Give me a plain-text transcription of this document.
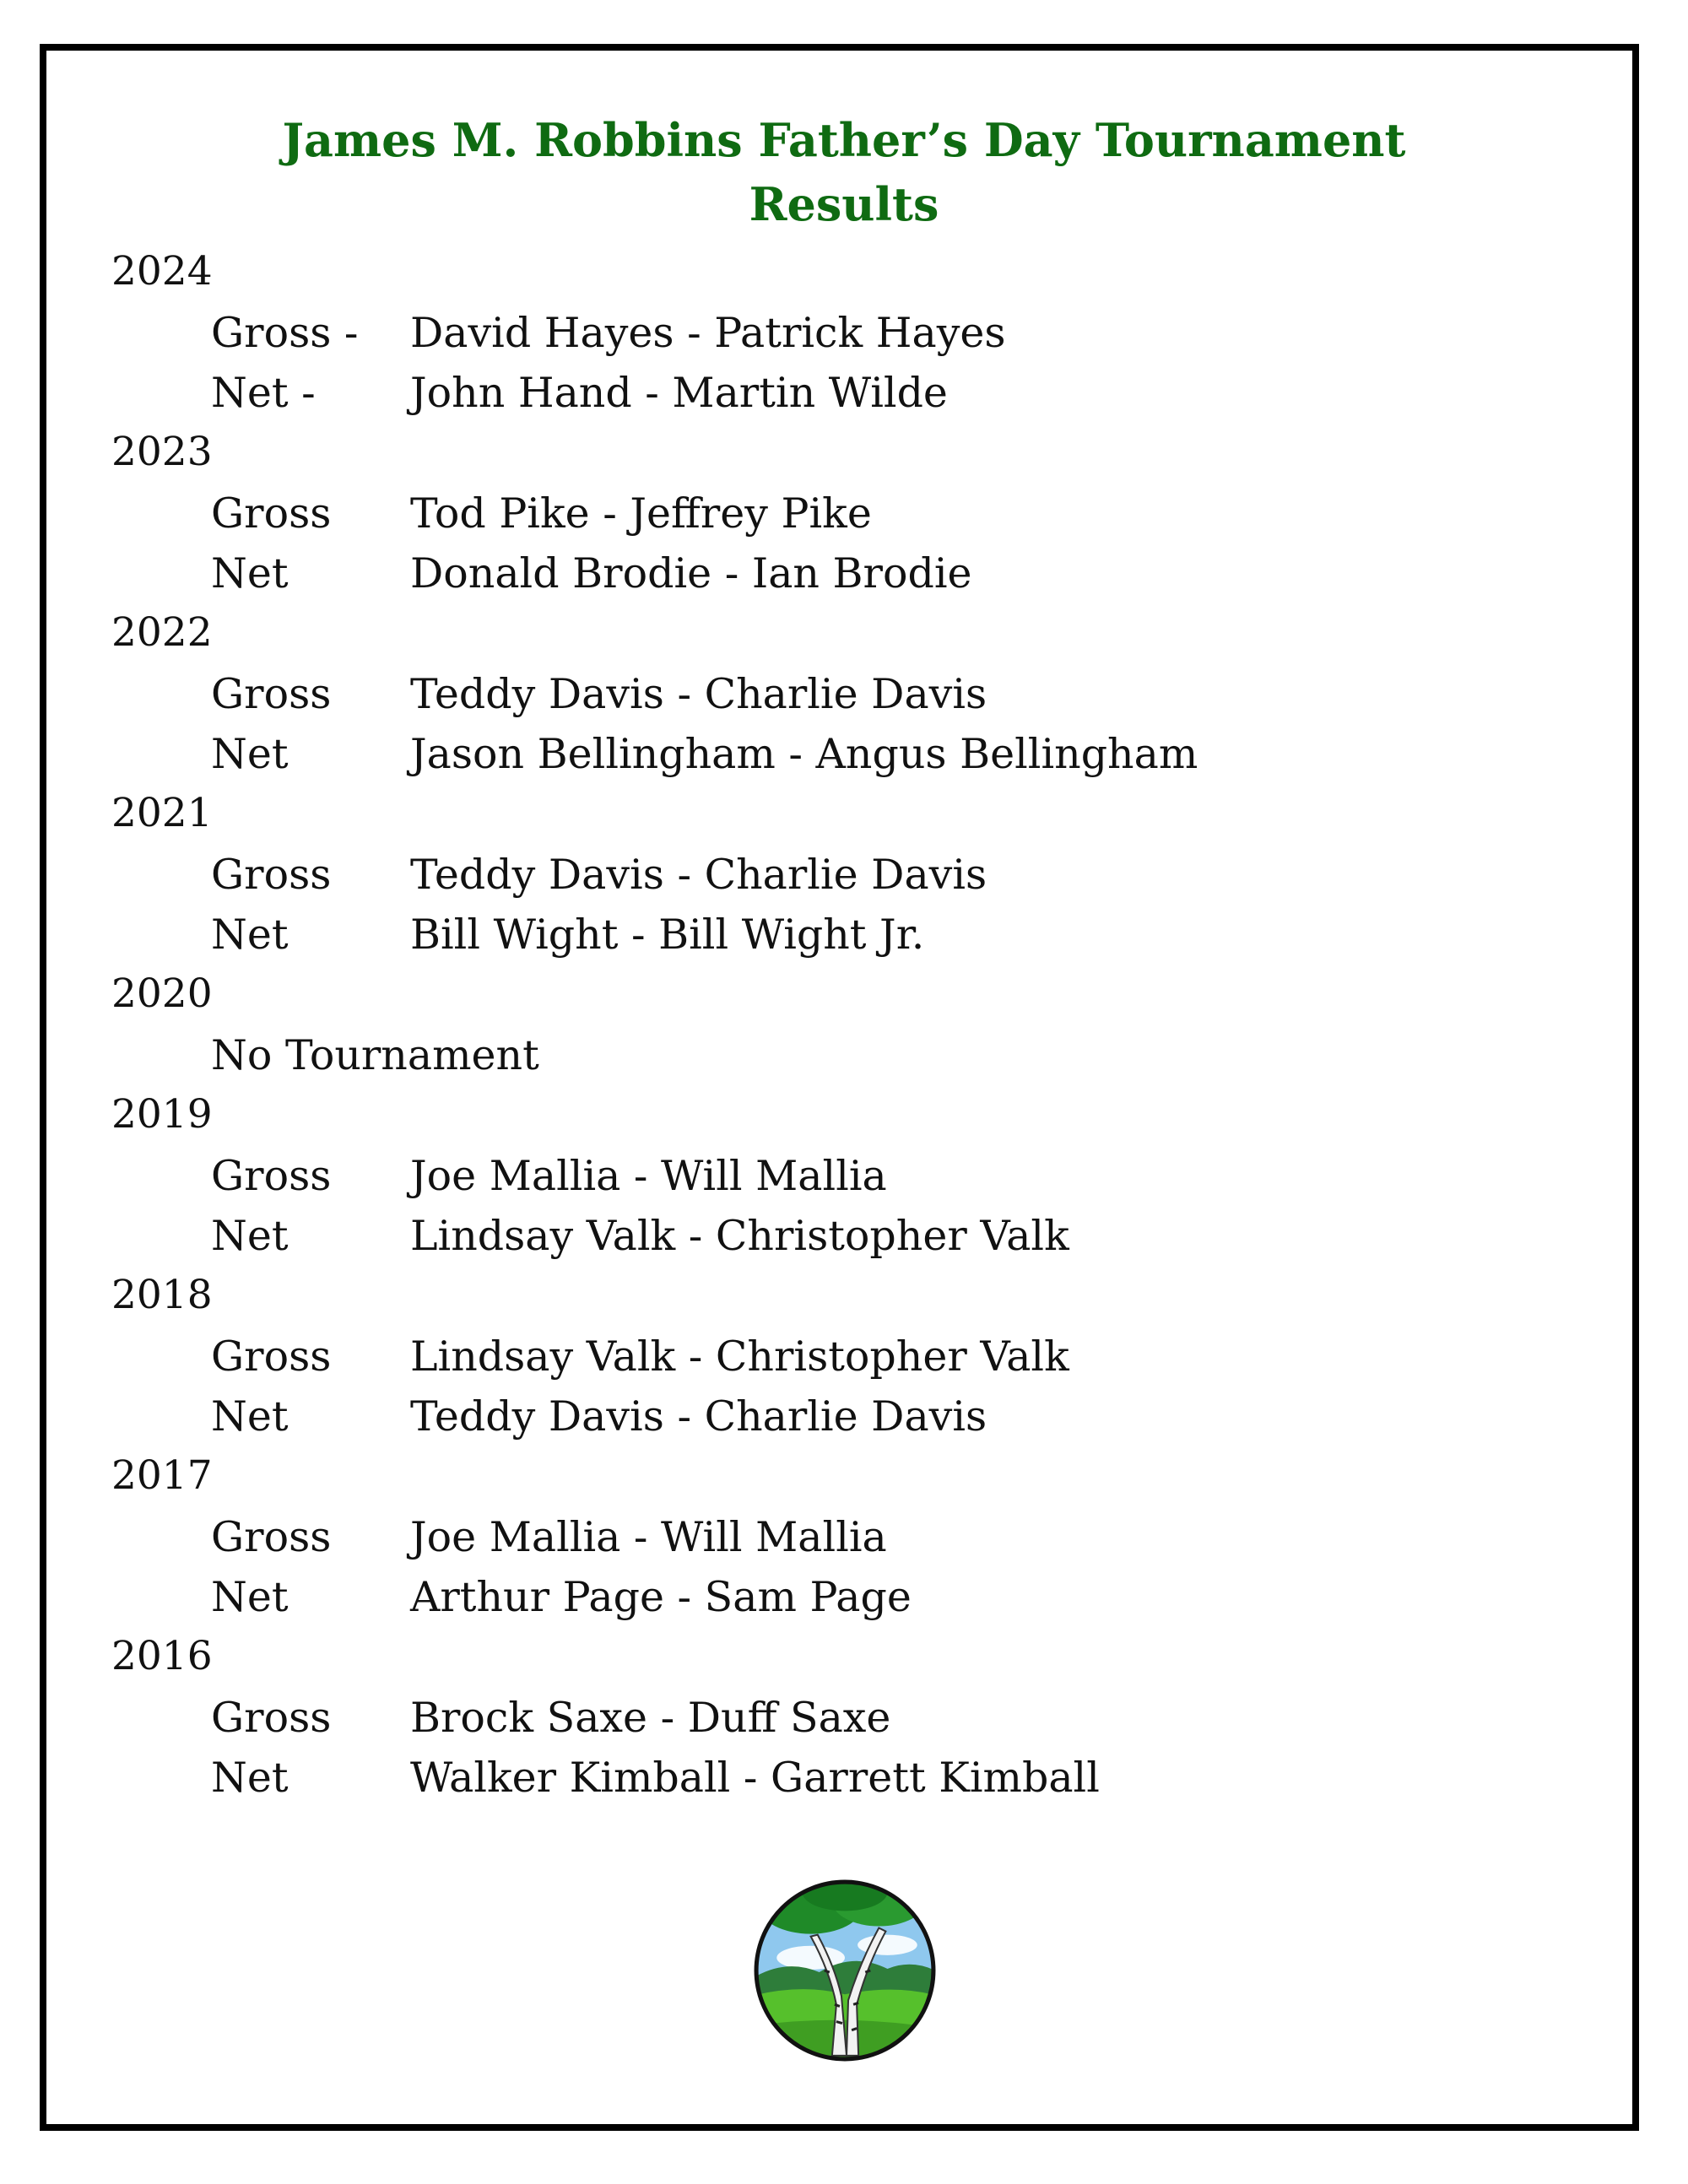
James M. Robbins Father’s Day Tournament
Results
2024
Gross -	David Hayes - Patrick Hayes
Net -	John Hand - Martin Wilde
2023
Gross	Tod Pike - Jeffrey Pike
Net	Donald Brodie - Ian Brodie
2022
Gross	Teddy Davis - Charlie Davis
Net	Jason Bellingham - Angus Bellingham
2021
Gross	Teddy Davis - Charlie Davis
Net	Bill Wight - Bill Wight Jr.
2020
No Tournament
2019
Gross	Joe Mallia - Will Mallia
Net	Lindsay Valk - Christopher Valk
2018
Gross	Lindsay Valk - Christopher Valk
Net	Teddy Davis - Charlie Davis
2017
Gross	Joe Mallia - Will Mallia
Net	Arthur Page - Sam Page
2016
Gross	Brock Saxe - Duff Saxe
Net	Walker Kimball - Garrett Kimball
